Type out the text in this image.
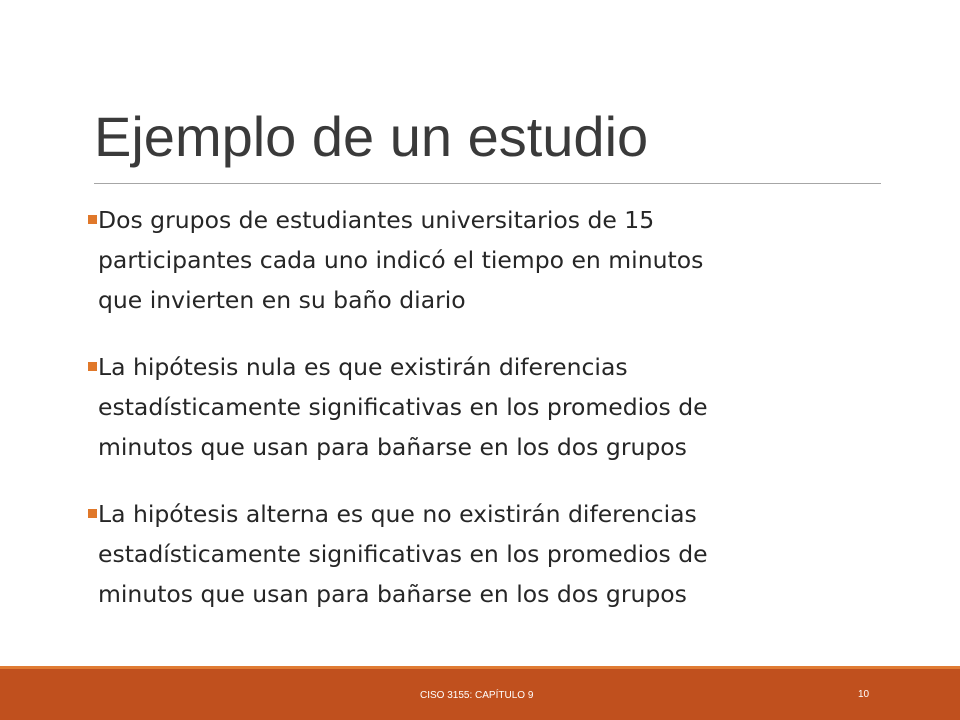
Ejemplo de un estudio
Dos grupos de estudiantes universitarios de 15
participantes cada uno indicó el tiempo en minutos
que invierten en su baño diario
La hipótesis nula es que existirán diferencias
estadísticamente significativas en los promedios de
minutos que usan para bañarse en los dos grupos
La hipótesis alterna es que no existirán diferencias
estadísticamente significativas en los promedios de
minutos que usan para bañarse en los dos grupos
CISO 3155: CAPÍTULO 9	10
